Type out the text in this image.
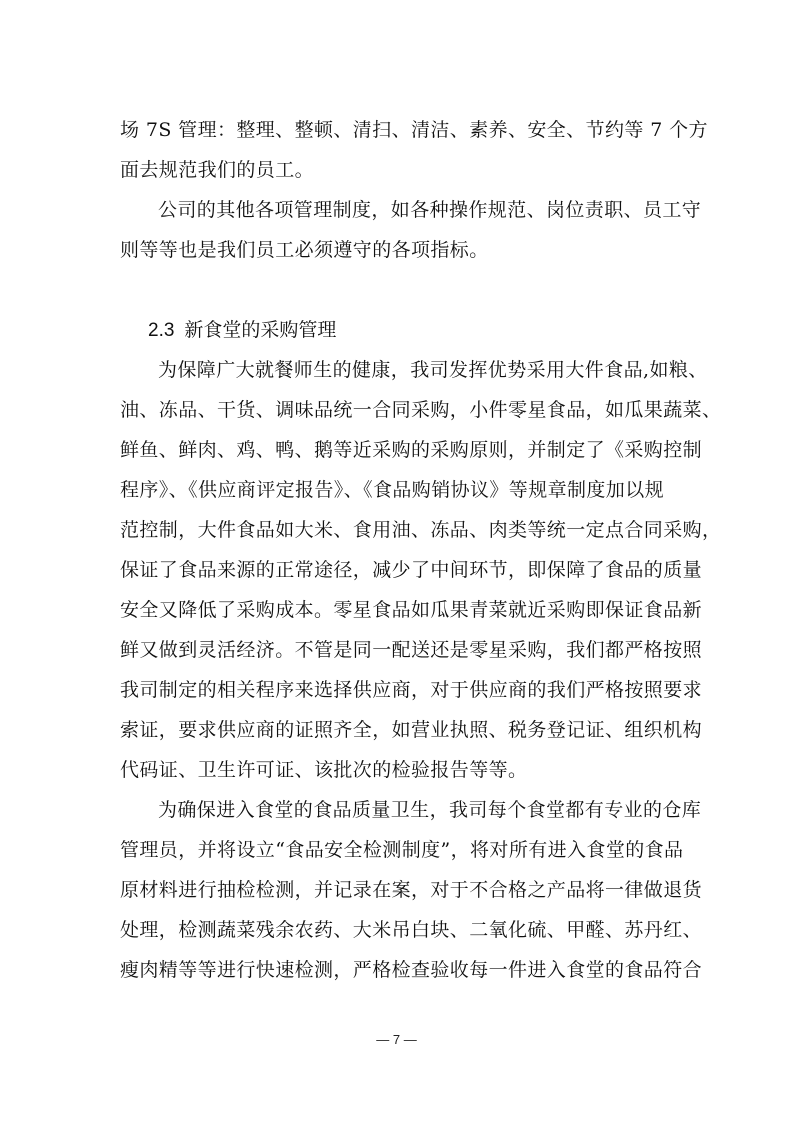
场 7S 管理：整理、整顿、清扫、清洁、素养、安全、节约等 7 个方
面去规范我们的员工。
公司的其他各项管理制度，如各种操作规范、岗位责职、员工守
则等等也是我们员工必须遵守的各项指标。
2.3 新食堂的采购管理
为保障广大就餐师生的健康，我司发挥优势采用大件食品,如粮、
油、冻品、干货、调味品统一合同采购，小件零星食品，如瓜果蔬菜、
鲜鱼、鲜肉、鸡、鸭、鹅等近采购的采购原则，并制定了《采购控制
程序》、《供应商评定报告》、《食品购销协议》等规章制度加以规
范控制，大件食品如大米、食用油、冻品、肉类等统一定点合同采购，
保证了食品来源的正常途径，减少了中间环节，即保障了食品的质量
安全又降低了采购成本。零星食品如瓜果青菜就近采购即保证食品新
鲜又做到灵活经济。不管是同一配送还是零星采购，我们都严格按照
我司制定的相关程序来选择供应商，对于供应商的我们严格按照要求
索证，要求供应商的证照齐全，如营业执照、税务登记证、组织机构
代码证、卫生许可证、该批次的检验报告等等。
为确保进入食堂的食品质量卫生，我司每个食堂都有专业的仓库
管理员，并将设立“食品安全检测制度”，将对所有进入食堂的食品
原材料进行抽检检测，并记录在案，对于不合格之产品将一律做退货
处理，检测蔬菜残余农药、大米吊白块、二氧化硫、甲醛、苏丹红、
瘦肉精等等进行快速检测，严格检查验收每一件进入食堂的食品符合
— 7 —
